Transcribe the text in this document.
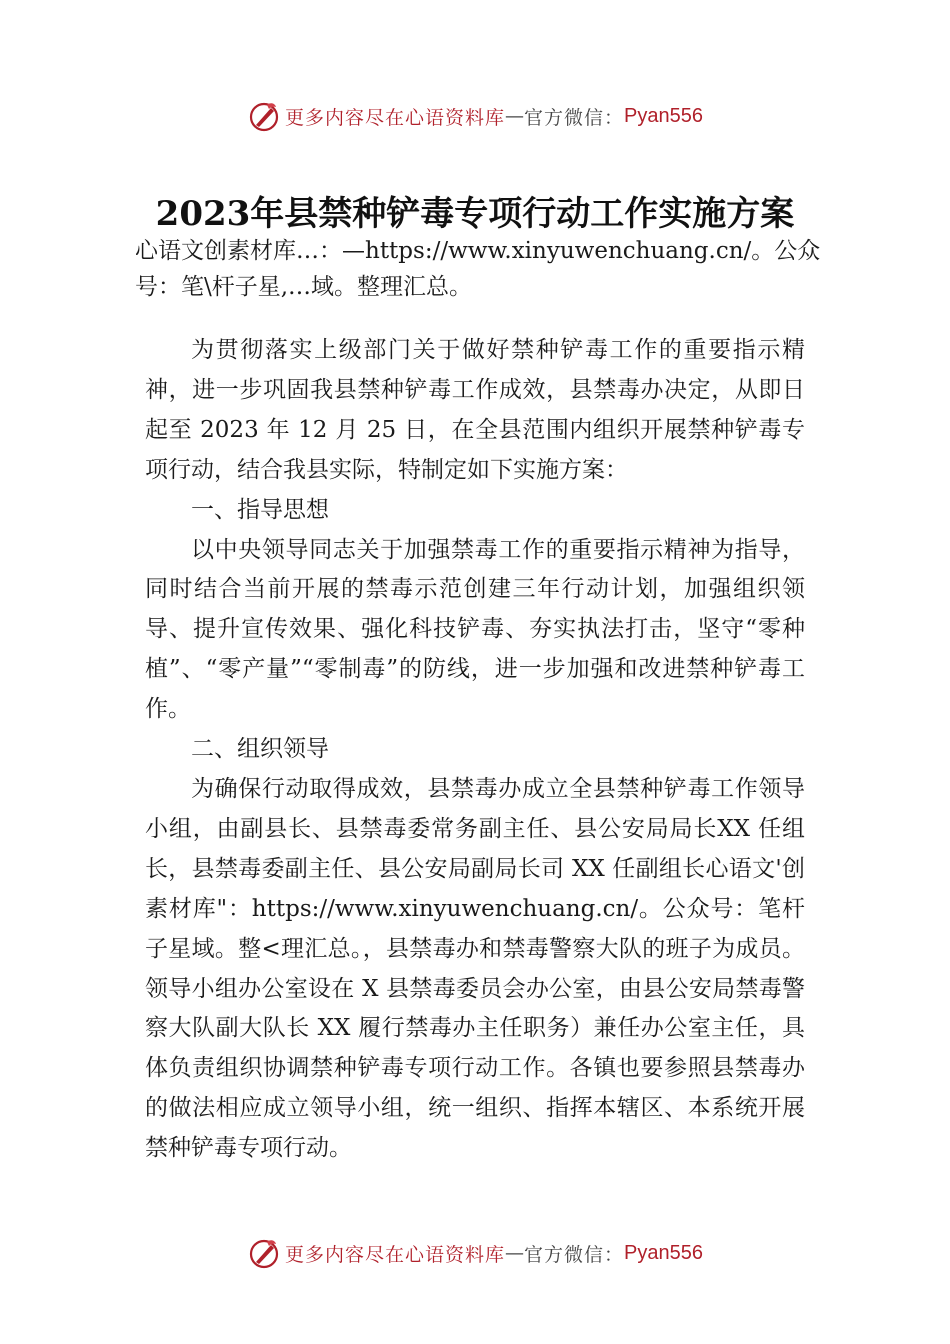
更多内容尽在心语资料库 — 官方微信： Pyan556
2023年县禁种铲毒专项行动工作实施方案
心语文创素材库…：—https://www.xinyuwenchuang.cn/。公众号：笔\杆子星,…域。整理汇总。

为贯彻落实上级部门关于做好禁种铲毒工作的重要指示精神，进一步巩固我县禁种铲毒工作成效，县禁毒办决定，从即日起至 2023 年 12 月 25 日，在全县范围内组织开展禁种铲毒专项行动，结合我县实际，特制定如下实施方案：

一、指导思想

以中央领导同志关于加强禁毒工作的重要指示精神为指导，同时结合当前开展的禁毒示范创建三年行动计划，加强组织领导、提升宣传效果、强化科技铲毒、夯实执法打击，坚守“零种植”、“零产量”“零制毒”的防线，进一步加强和改进禁种铲毒工作。

二、组织领导

为确保行动取得成效，县禁毒办成立全县禁种铲毒工作领导小组，由副县长、县禁毒委常务副主任、县公安局局长XX 任组长，县禁毒委副主任、县公安局副局长司 XX 任副组长心语文'创素材库"：https://www.xinyuwenchuang.cn/。公众号：笔杆子星域。整<理汇总。，县禁毒办和禁毒警察大队的班子为成员。领导小组办公室设在 X 县禁毒委员会办公室，由县公安局禁毒警察大队副大队长 XX 履行禁毒办主任职务）兼任办公室主任，具体负责组织协调禁种铲毒专项行动工作。各镇也要参照县禁毒办的做法相应成立领导小组，统一组织、指挥本辖区、本系统开展禁种铲毒专项行动。

更多内容尽在心语资料库 — 官方微信： Pyan556
